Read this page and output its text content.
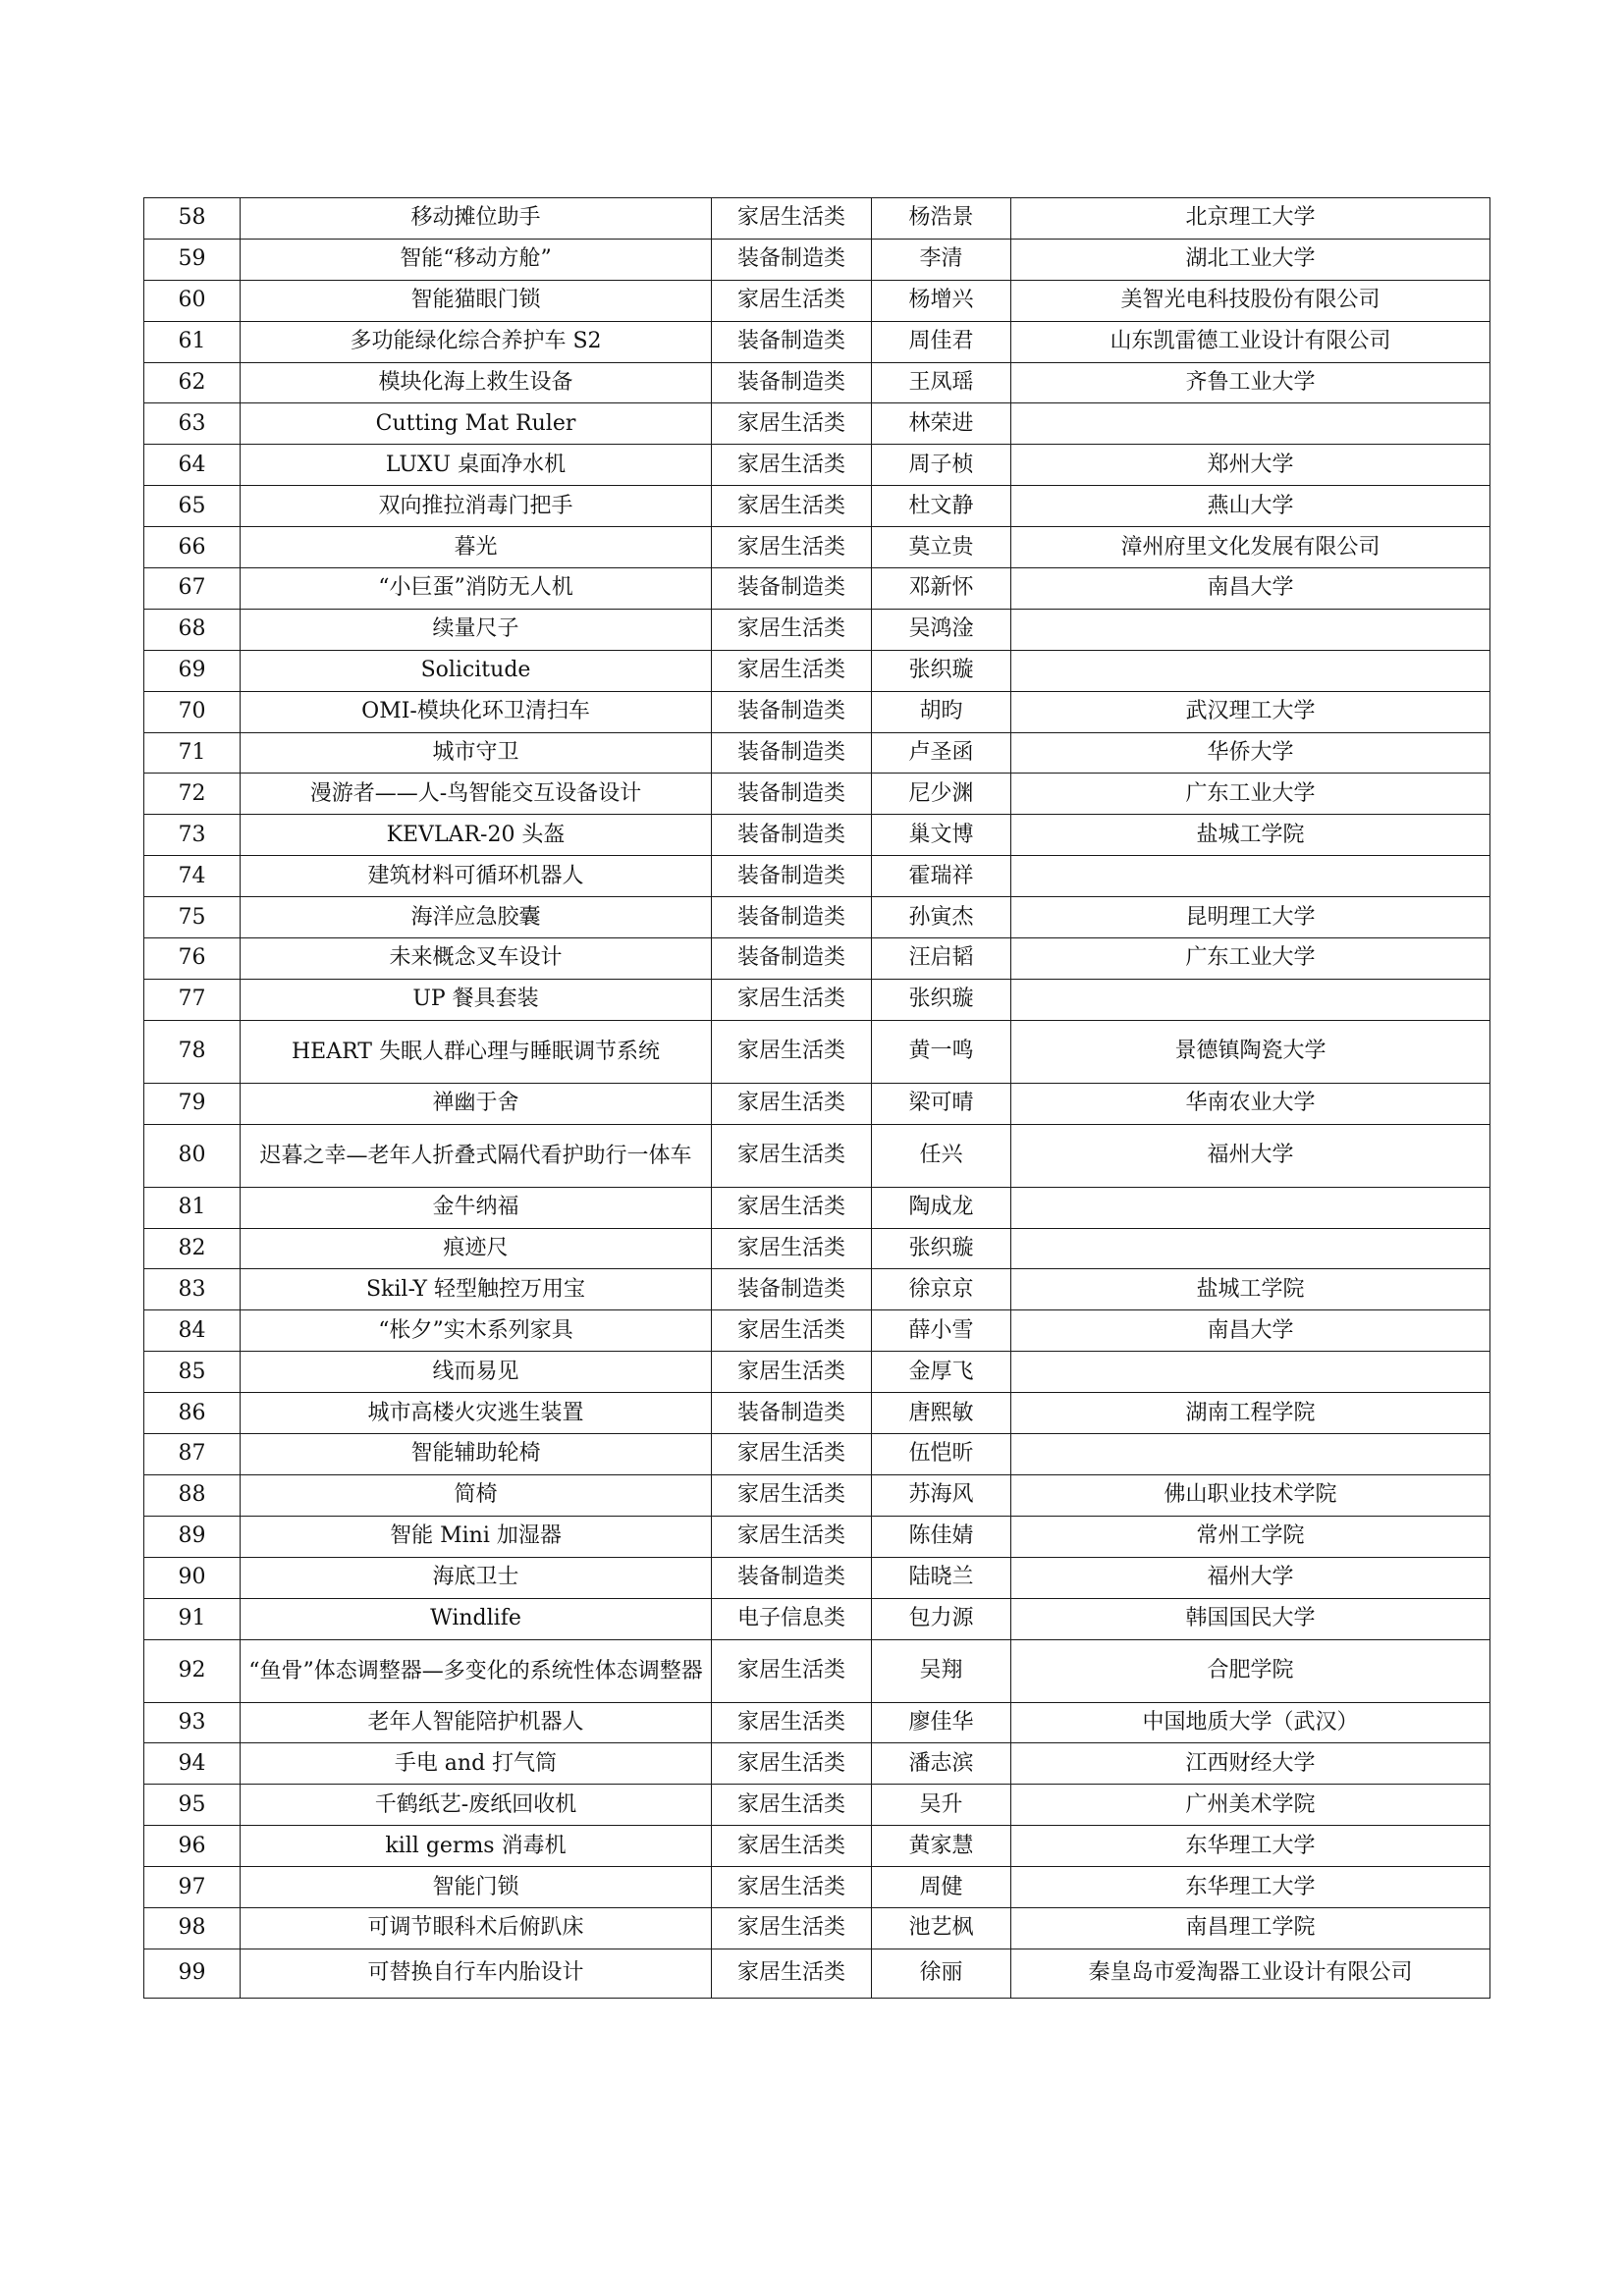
58	移动摊位助手	家居生活类	杨浩景	北京理工大学
59	智能“移动方舱”	装备制造类	李清	湖北工业大学
60	智能猫眼门锁	家居生活类	杨增兴	美智光电科技股份有限公司
61	多功能绿化综合养护车 S2	装备制造类	周佳君	山东凯雷德工业设计有限公司
62	模块化海上救生设备	装备制造类	王凤瑶	齐鲁工业大学
63	Cutting Mat Ruler	家居生活类	林荣进	
64	LUXU 桌面净水机	家居生活类	周子桢	郑州大学
65	双向推拉消毒门把手	家居生活类	杜文静	燕山大学
66	暮光	家居生活类	莫立贵	漳州府里文化发展有限公司
67	“小巨蛋”消防无人机	装备制造类	邓新怀	南昌大学
68	续量尺子	家居生活类	吴鸿淦	
69	Solicitude	家居生活类	张织璇	
70	OMI-模块化环卫清扫车	装备制造类	胡昀	武汉理工大学
71	城市守卫	装备制造类	卢圣函	华侨大学
72	漫游者——人-鸟智能交互设备设计	装备制造类	尼少渊	广东工业大学
73	KEVLAR-20 头盔	装备制造类	巢文博	盐城工学院
74	建筑材料可循环机器人	装备制造类	霍瑞祥	
75	海洋应急胶囊	装备制造类	孙寅杰	昆明理工大学
76	未来概念叉车设计	装备制造类	汪启韬	广东工业大学
77	UP 餐具套装	家居生活类	张织璇	
78	HEART 失眠人群心理与睡眠调节系统	家居生活类	黄一鸣	景德镇陶瓷大学
79	禅幽于舍	家居生活类	梁可晴	华南农业大学
80	迟暮之幸—老年人折叠式隔代看护助行一体车	家居生活类	任兴	福州大学
81	金牛纳福	家居生活类	陶成龙	
82	痕迹尺	家居生活类	张织璇	
83	Skil-Y 轻型触控万用宝	装备制造类	徐京京	盐城工学院
84	“枨夕”实木系列家具	家居生活类	薛小雪	南昌大学
85	线而易见	家居生活类	金厚飞	
86	城市高楼火灾逃生装置	装备制造类	唐熙敏	湖南工程学院
87	智能辅助轮椅	家居生活类	伍恺昕	
88	简椅	家居生活类	苏海风	佛山职业技术学院
89	智能 Mini 加湿器	家居生活类	陈佳婧	常州工学院
90	海底卫士	装备制造类	陆晓兰	福州大学
91	Windlife	电子信息类	包力源	韩国国民大学
92	“鱼骨”体态调整器—多变化的系统性体态调整器	家居生活类	吴翔	合肥学院
93	老年人智能陪护机器人	家居生活类	廖佳华	中国地质大学（武汉）
94	手电 and 打气筒	家居生活类	潘志滨	江西财经大学
95	千鹤纸艺-废纸回收机	家居生活类	吴升	广州美术学院
96	kill germs 消毒机	家居生活类	黄家慧	东华理工大学
97	智能门锁	家居生活类	周健	东华理工大学
98	可调节眼科术后俯趴床	家居生活类	池艺枫	南昌理工学院
99	可替换自行车内胎设计	家居生活类	徐丽	秦皇岛市爱淘器工业设计有限公司
